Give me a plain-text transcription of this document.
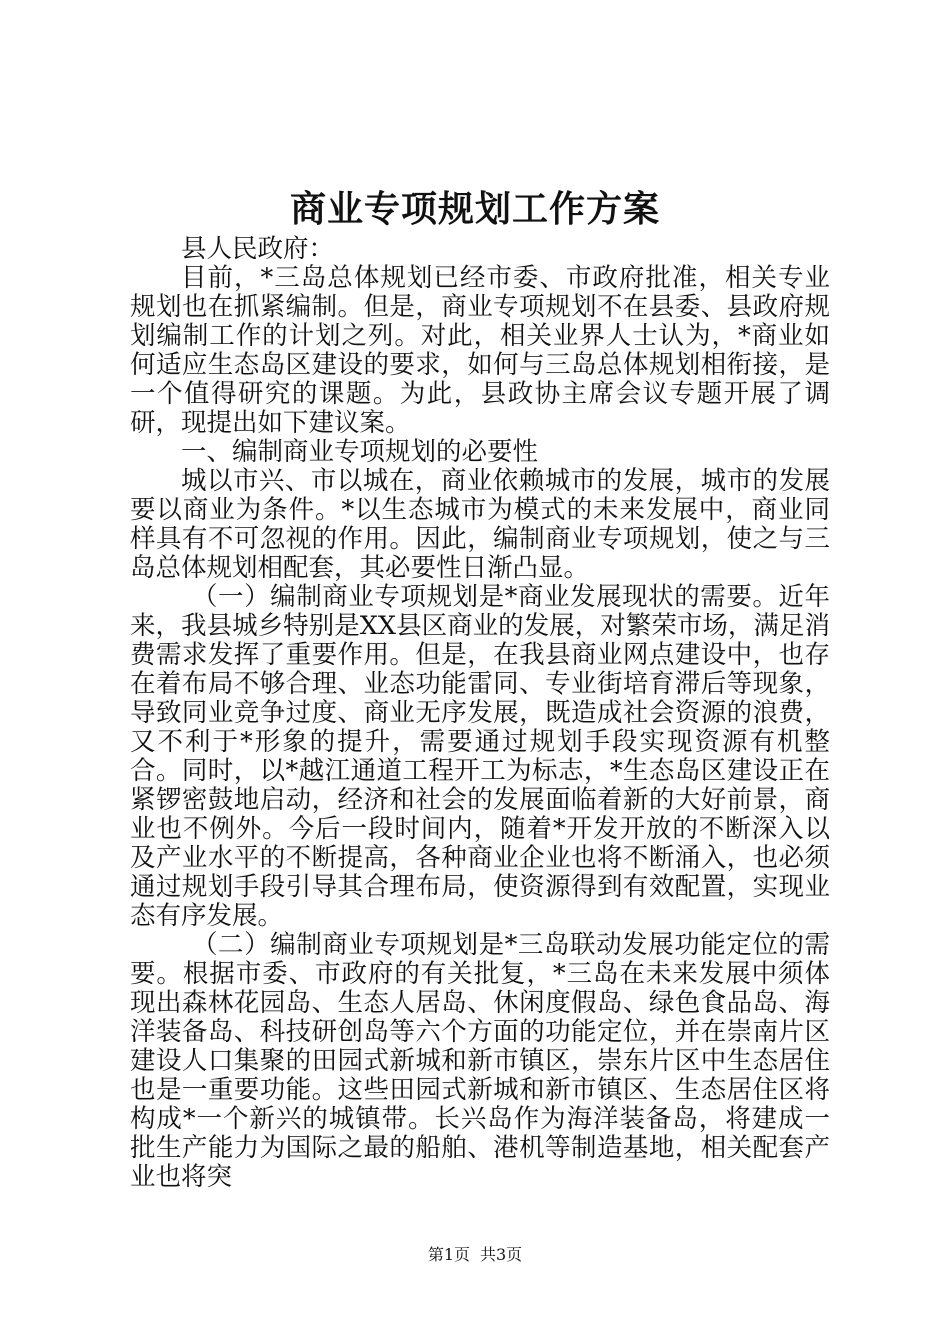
商业专项规划工作方案

县人民政府：

目前，*三岛总体规划已经市委、市政府批准，相关专业规划也在抓紧编制。但是，商业专项规划不在县委、县政府规划编制工作的计划之列。对此，相关业界人士认为，*商业如何适应生态岛区建设的要求，如何与三岛总体规划相衔接，是一个值得研究的课题。为此，县政协主席会议专题开展了调研，现提出如下建议案。

一、编制商业专项规划的必要性

城以市兴、市以城在，商业依赖城市的发展，城市的发展要以商业为条件。*以生态城市为模式的未来发展中，商业同样具有不可忽视的作用。因此，编制商业专项规划，使之与三岛总体规划相配套，其必要性日渐凸显。

（一）编制商业专项规划是*商业发展现状的需要。近年来，我县城乡特别是XX县区商业的发展，对繁荣市场，满足消费需求发挥了重要作用。但是，在我县商业网点建设中，也存在着布局不够合理、业态功能雷同、专业街培育滞后等现象，导致同业竞争过度、商业无序发展，既造成社会资源的浪费，又不利于*形象的提升，需要通过规划手段实现资源有机整合。同时，以*越江通道工程开工为标志，*生态岛区建设正在紧锣密鼓地启动，经济和社会的发展面临着新的大好前景，商业也不例外。今后一段时间内，随着*开发开放的不断深入以及产业水平的不断提高，各种商业企业也将不断涌入，也必须通过规划手段引导其合理布局，使资源得到有效配置，实现业态有序发展。

（二）编制商业专项规划是*三岛联动发展功能定位的需要。根据市委、市政府的有关批复，*三岛在未来发展中须体现出森林花园岛、生态人居岛、休闲度假岛、绿色食品岛、海洋装备岛、科技研创岛等六个方面的功能定位，并在崇南片区建设人口集聚的田园式新城和新市镇区，崇东片区中生态居住也是一重要功能。这些田园式新城和新市镇区、生态居住区将构成*一个新兴的城镇带。长兴岛作为海洋装备岛，将建成一批生产能力为国际之最的船舶、港机等制造基地，相关配套产业也将突

第1页 共3页
